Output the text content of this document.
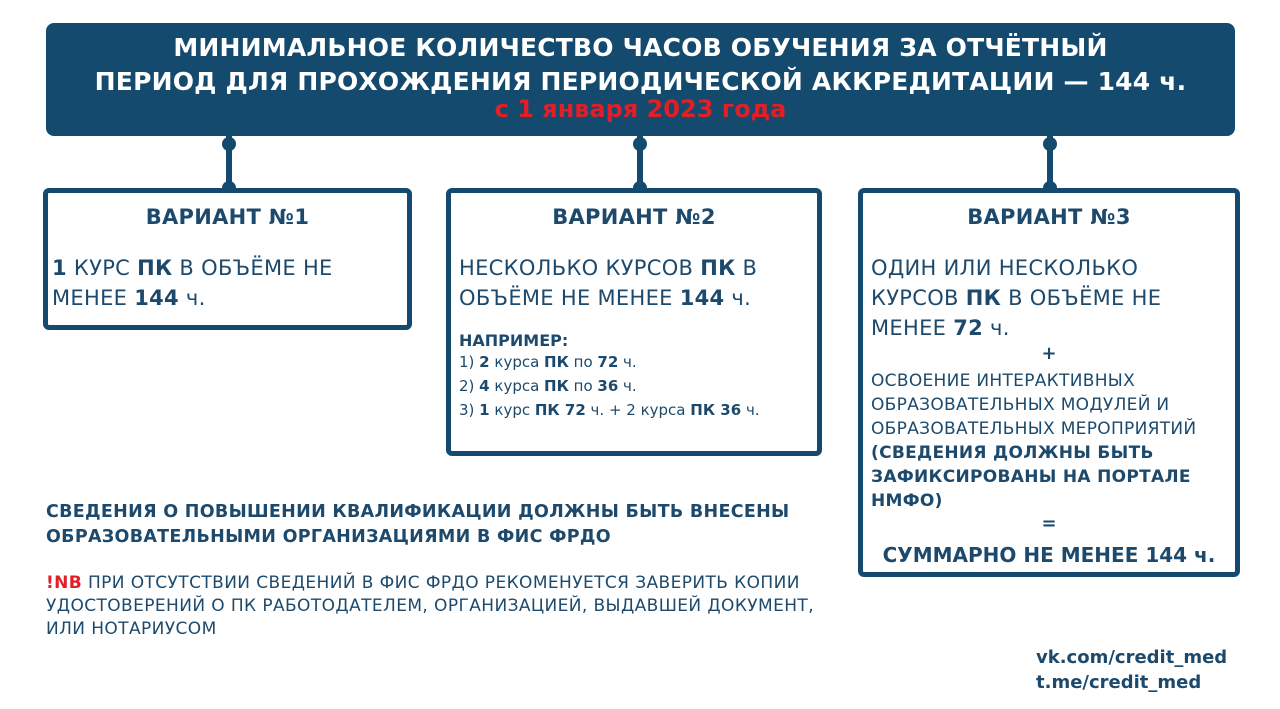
МИНИМАЛЬНОЕ КОЛИЧЕСТВО ЧАСОВ ОБУЧЕНИЯ ЗА ОТЧЁТНЫЙ
ПЕРИОД ДЛЯ ПРОХОЖДЕНИЯ ПЕРИОДИЧЕСКОЙ АККРЕДИТАЦИИ — 144 ч.
с 1 января 2023 года
ВАРИАНТ №1
1 КУРС ПК В ОБЪЁМЕ НЕ МЕНЕЕ 144 ч.
ВАРИАНТ №2
НЕСКОЛЬКО КУРСОВ ПК В ОБЪЁМЕ НЕ МЕНЕЕ 144 ч.
НАПРИМЕР:
1) 2 курса ПК по 72 ч.
2) 4 курса ПК по 36 ч.
3) 1 курс ПК 72 ч. + 2 курса ПК 36 ч.
ВАРИАНТ №3
ОДИН ИЛИ НЕСКОЛЬКО КУРСОВ ПК В ОБЪЁМЕ НЕ МЕНЕЕ 72 ч.
+
ОСВОЕНИЕ ИНТЕРАКТИВНЫХ ОБРАЗОВАТЕЛЬНЫХ МОДУЛЕЙ И ОБРАЗОВАТЕЛЬНЫХ МЕРОПРИЯТИЙ (СВЕДЕНИЯ ДОЛЖНЫ БЫТЬ ЗАФИКСИРОВАНЫ НА ПОРТАЛЕ НМФО)
=
СУММАРНО НЕ МЕНЕЕ 144 ч.
СВЕДЕНИЯ О ПОВЫШЕНИИ КВАЛИФИКАЦИИ ДОЛЖНЫ БЫТЬ ВНЕСЕНЫ ОБРАЗОВАТЕЛЬНЫМИ ОРГАНИЗАЦИЯМИ В ФИС ФРДО
!NB ПРИ ОТСУТСТВИИ СВЕДЕНИЙ В ФИС ФРДО РЕКОМЕНУЕТСЯ ЗАВЕРИТЬ КОПИИ УДОСТОВЕРЕНИЙ О ПК РАБОТОДАТЕЛЕМ, ОРГАНИЗАЦИЕЙ, ВЫДАВШЕЙ ДОКУМЕНТ, ИЛИ НОТАРИУСОМ
vk.com/credit_med
t.me/credit_med
